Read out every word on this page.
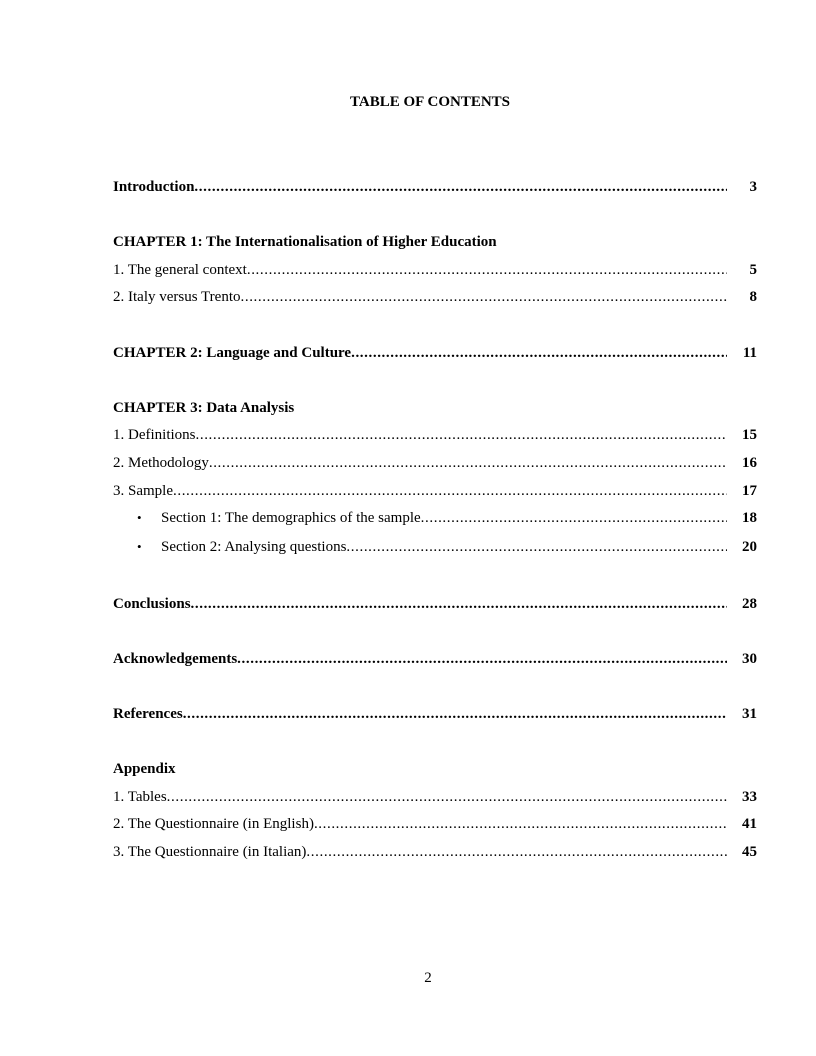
TABLE OF CONTENTS
Introduction .....	3
CHAPTER 1: The Internationalisation of Higher Education
1. The general context .....	5
2. Italy versus Trento .....	8
CHAPTER 2: Language and Culture .....	11
CHAPTER 3: Data Analysis
1. Definitions .....	15
2. Methodology .....	16
3. Sample .....	17
•	Section 1: The demographics of the sample .....	18
•	Section 2: Analysing questions .....	20
Conclusions .....	28
Acknowledgements .....	30
References .....	31
Appendix
1. Tables .....	33
2. The Questionnaire (in English) .....	41
3. The Questionnaire (in Italian) .....	45
2
